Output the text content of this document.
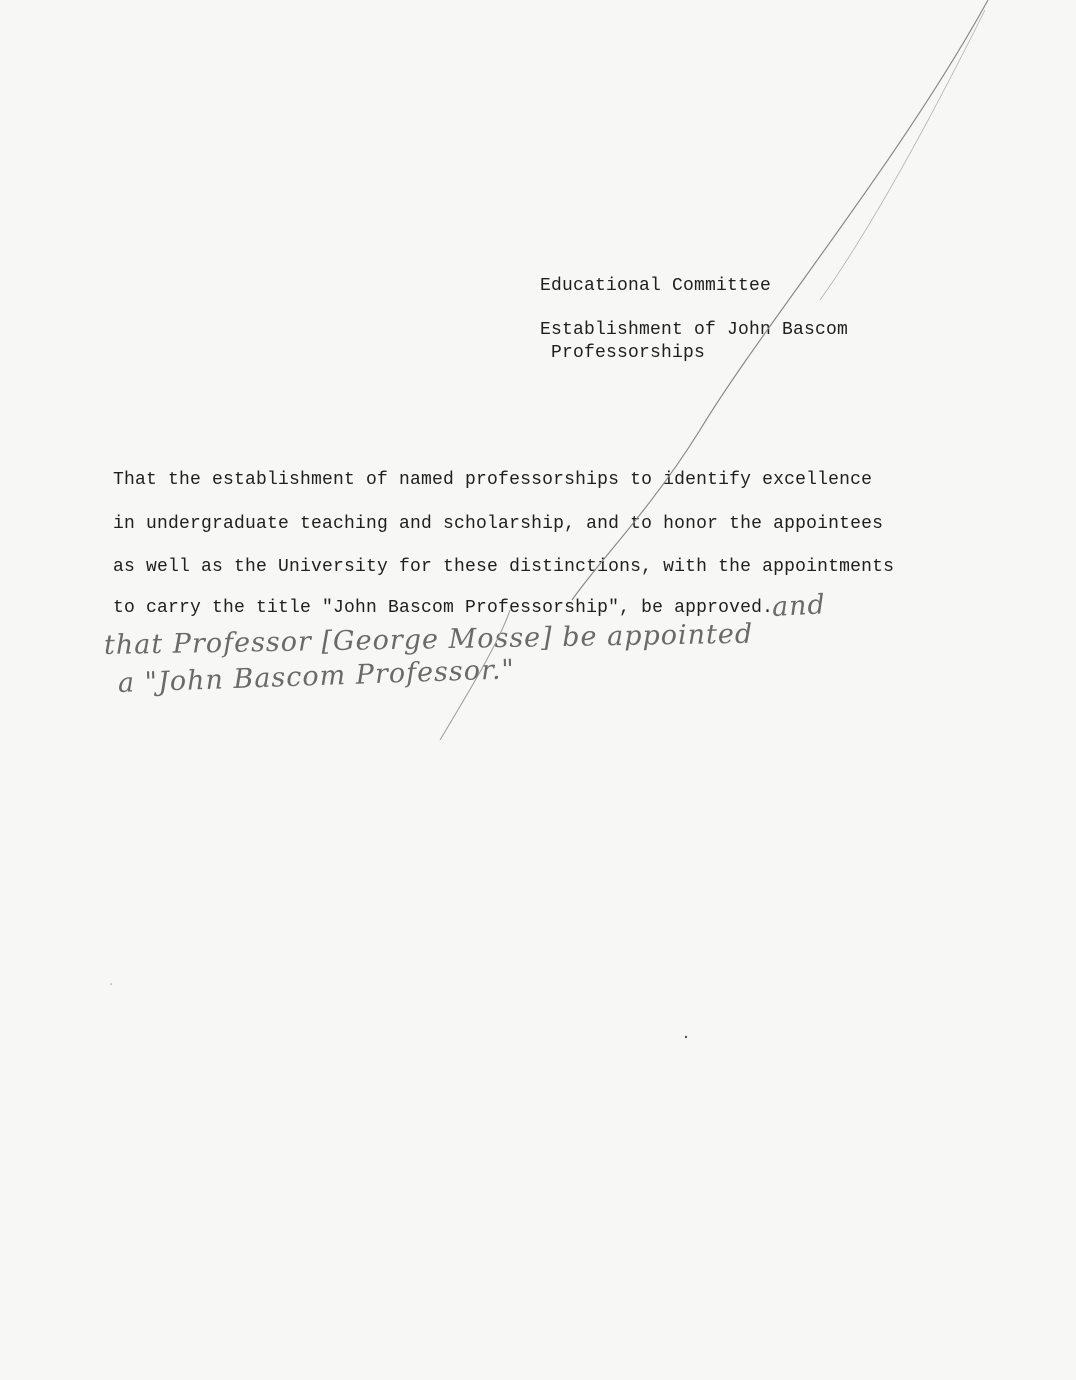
Educational Committee
Establishment of John Bascom
Professorships
That the establishment of named professorships to identify excellence
in undergraduate teaching and scholarship, and to honor the appointees
as well as the University for these distinctions, with the appointments
to carry the title "John Bascom Professorship", be approved.
and
that Professor [George Mosse] be appointed
a "John Bascom Professor."
